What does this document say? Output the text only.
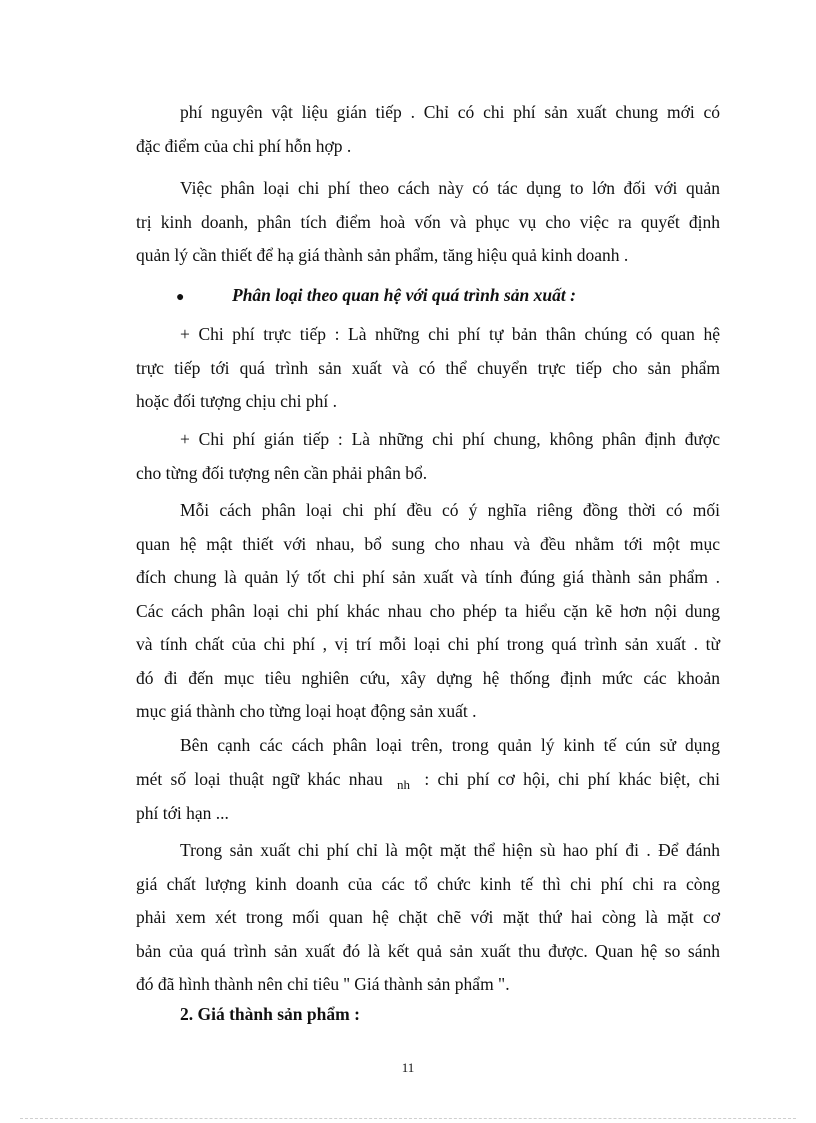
phí nguyên vật liệu gián tiếp . Chỉ có chi phí sản xuất chung mới có
đặc điểm của chi phí hỗn hợp .
Việc phân loại chi phí theo cách này có tác dụng to lớn đối với quản
trị kinh doanh, phân tích điểm hoà vốn và phục vụ cho việc ra quyết định
quản lý cần thiết để hạ giá thành sản phẩm, tăng hiệu quả kinh doanh .
●	Phân loại theo quan hệ với quá trình sản xuất :
+ Chi phí trực tiếp : Là những chi phí tự bản thân chúng có quan hệ
trực tiếp tới quá trình sản xuất và có thể chuyển trực tiếp cho sản phẩm
hoặc đối tượng chịu chi phí .
+ Chi phí gián tiếp : Là những chi phí chung, không phân định được
cho từng đối tượng nên cần phải phân bổ.
Mỗi cách phân loại chi phí đều có ý nghĩa riêng đồng thời có mối
quan hệ mật thiết với nhau, bổ sung cho nhau và đều nhằm tới một mục
đích chung là quản lý tốt chi phí sản xuất và tính đúng giá thành sản phẩm .
Các cách phân loại chi phí khác nhau cho phép ta hiểu cặn kẽ hơn nội dung
và tính chất của chi phí , vị trí mỗi loại chi phí trong quá trình sản xuất . từ
đó đi đến mục tiêu nghiên cứu, xây dựng hệ thống định mức các khoản
mục giá thành cho từng loại hoạt động sản xuất .
Bên cạnh các cách phân loại trên, trong quản lý kinh tế cún sử dụng
mét số loại thuật ngữ khác nhau $_{nh}$ : chi phí cơ hội, chi phí khác biệt, chi
phí tới hạn ...
Trong sản xuất chi phí chỉ là một mặt thể hiện sù hao phí đi . Để đánh
giá chất lượng kinh doanh của các tổ chức kinh tế thì chi phí chi ra còng
phải xem xét trong mối quan hệ chặt chẽ với mặt thứ hai còng là mặt cơ
bản của quá trình sản xuất đó là kết quả sản xuất thu được. Quan hệ so sánh
đó đã hình thành nên chỉ tiêu '' Giá thành sản phẩm ".
2. Giá thành sản phẩm :
11
